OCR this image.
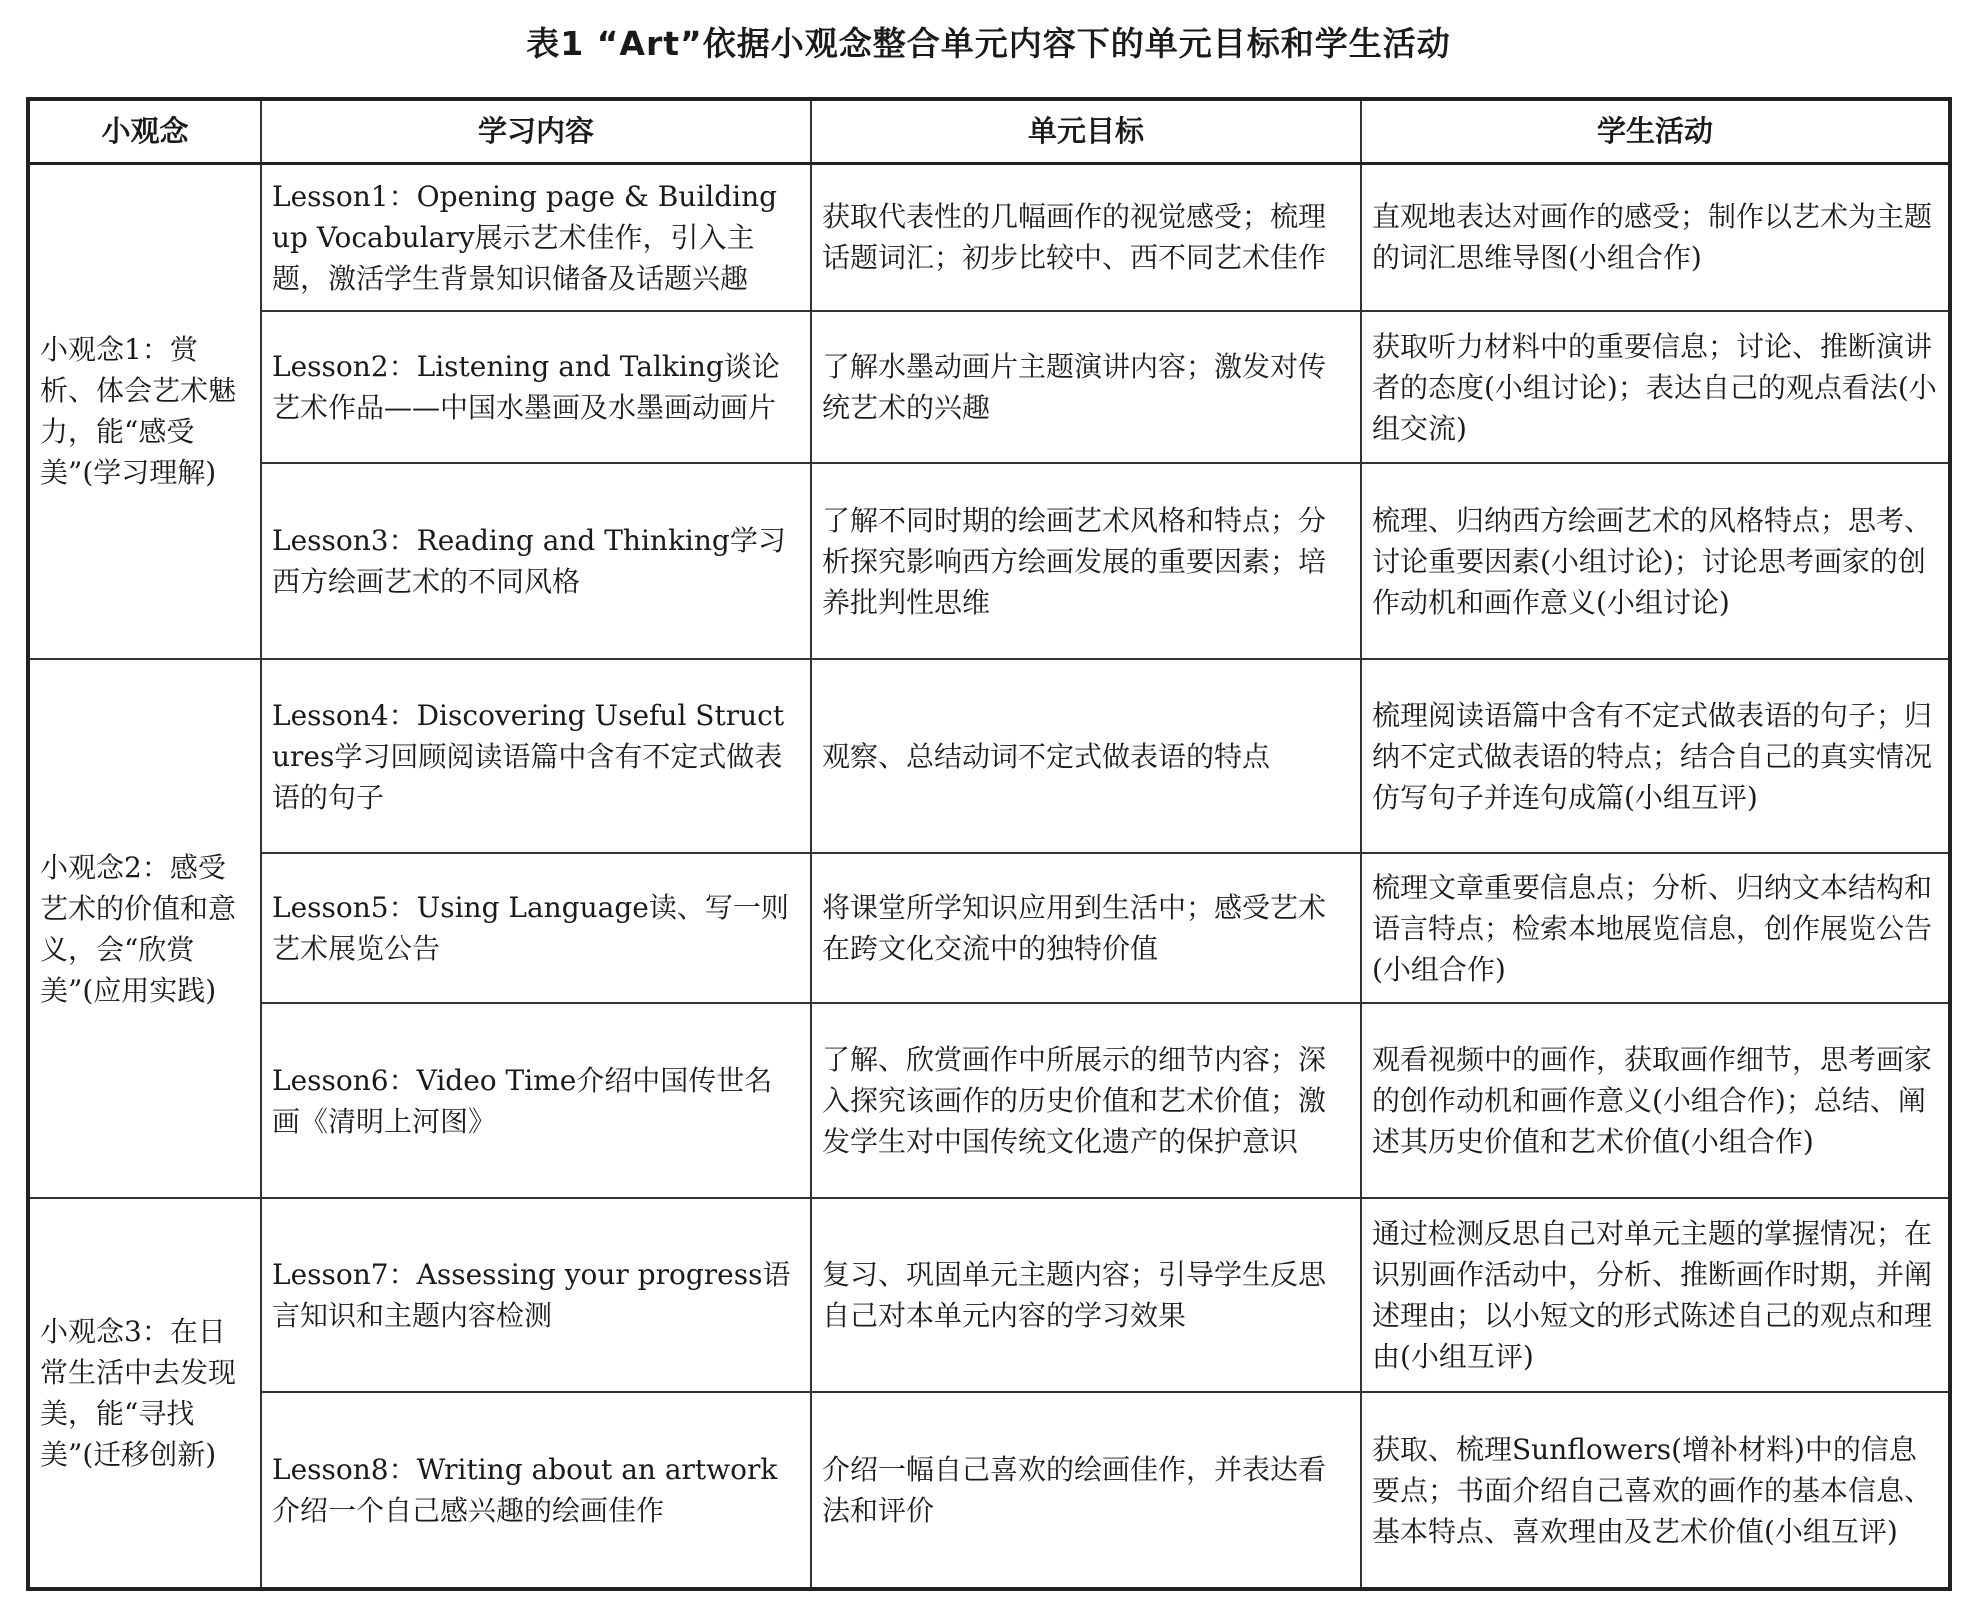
表1 “Art”依据小观念整合单元内容下的单元目标和学生活动
小观念	学习内容	单元目标	学生活动
小观念1：赏析、体会艺术魅力，能“感受美”(学习理解)	Lesson1：Opening page & Building up Vocabulary展示艺术佳作，引入主题，激活学生背景知识储备及话题兴趣	获取代表性的几幅画作的视觉感受；梳理话题词汇；初步比较中、西不同艺术佳作	直观地表达对画作的感受；制作以艺术为主题的词汇思维导图(小组合作)
	Lesson2：Listening and Talking谈论艺术作品——中国水墨画及水墨画动画片	了解水墨动画片主题演讲内容；激发对传统艺术的兴趣	获取听力材料中的重要信息；讨论、推断演讲者的态度(小组讨论)；表达自己的观点看法(小组交流)
	Lesson3：Reading and Thinking学习西方绘画艺术的不同风格	了解不同时期的绘画艺术风格和特点；分析探究影响西方绘画发展的重要因素；培养批判性思维	梳理、归纳西方绘画艺术的风格特点；思考、讨论重要因素(小组讨论)；讨论思考画家的创作动机和画作意义(小组讨论)
小观念2：感受艺术的价值和意义，会“欣赏美”(应用实践)	Lesson4：Discovering Useful Structures学习回顾阅读语篇中含有不定式做表语的句子	观察、总结动词不定式做表语的特点	梳理阅读语篇中含有不定式做表语的句子；归纳不定式做表语的特点；结合自己的真实情况仿写句子并连句成篇(小组互评)
	Lesson5：Using Language读、写一则艺术展览公告	将课堂所学知识应用到生活中；感受艺术在跨文化交流中的独特价值	梳理文章重要信息点；分析、归纳文本结构和语言特点；检索本地展览信息，创作展览公告(小组合作)
	Lesson6：Video Time介绍中国传世名画《清明上河图》	了解、欣赏画作中所展示的细节内容；深入探究该画作的历史价值和艺术价值；激发学生对中国传统文化遗产的保护意识	观看视频中的画作，获取画作细节，思考画家的创作动机和画作意义(小组合作)；总结、阐述其历史价值和艺术价值(小组合作)
小观念3：在日常生活中去发现美，能“寻找美”(迁移创新)	Lesson7：Assessing your progress语言知识和主题内容检测	复习、巩固单元主题内容；引导学生反思自己对本单元内容的学习效果	通过检测反思自己对单元主题的掌握情况；在识别画作活动中，分析、推断画作时期，并阐述理由；以小短文的形式陈述自己的观点和理由(小组互评)
	Lesson8：Writing about an artwork介绍一个自己感兴趣的绘画佳作	介绍一幅自己喜欢的绘画佳作，并表达看法和评价	获取、梳理Sunflowers(增补材料)中的信息要点；书面介绍自己喜欢的画作的基本信息、基本特点、喜欢理由及艺术价值(小组互评)
